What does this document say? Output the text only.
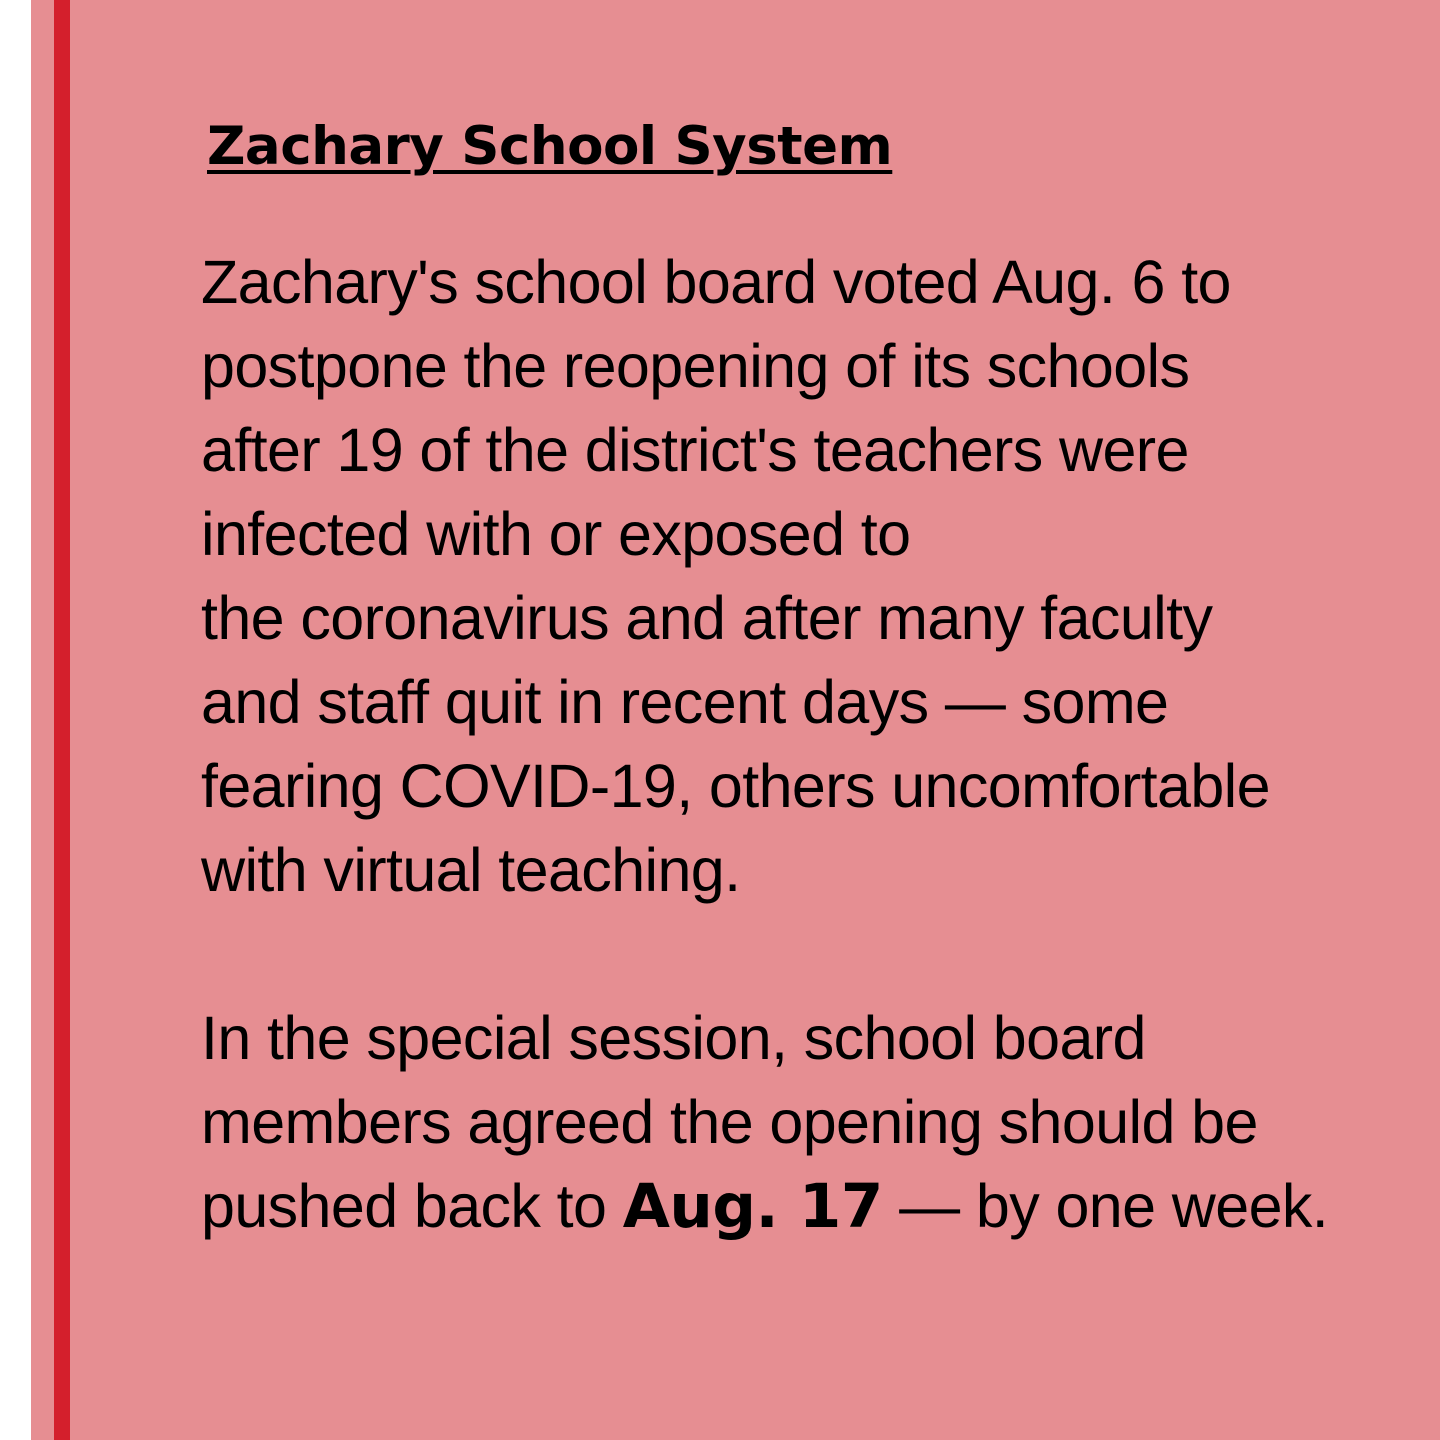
Zachary School System

Zachary's school board voted Aug. 6 to
postpone the reopening of its schools
after 19 of the district's teachers were
infected with or exposed to
the coronavirus and after many faculty
and staff quit in recent days — some
fearing COVID-19, others uncomfortable
with virtual teaching.

In the special session, school board
members agreed the opening should be
pushed back to Aug. 17 — by one week.
